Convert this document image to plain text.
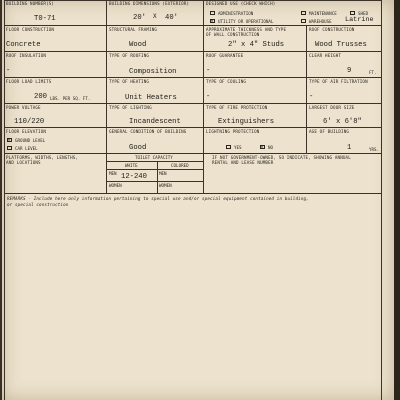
BUILDING NUMBER(S)
T0-71
BUILDING DIMENSIONS (EXTERIOR)
20' X 40'
DESIGNED USE (CHECK WHICH)
ADMINISTRATION	MAINTENANCE	SHED
✕
UTILITY OR OPERATIONAL	WAREHOUSE Latrine
FLOOR CONSTRUCTION
Concrete
STRUCTURAL FRAMING
Wood
APPROXIMATE THICKNESS AND TYPE
OF WALL CONSTRUCTION
2" x 4" Studs
ROOF CONSTRUCTION
Wood Trusses
ROOF INSULATION
-
TYPE OF ROOFING
Composition
ROOF GUARANTEE
-
CLEAR HEIGHT
9	FT.
FLOOR LOAD LIMITS
200 LBS. PER SQ. FT.
TYPE OF HEATING
Unit Heaters
TYPE OF COOLING
-
TYPE OF AIR FILTRATION
-
POWER VOLTAGE
110/220
TYPE OF LIGHTING
Incandescent
TYPE OF FIRE PROTECTION
Extinguishers
LARGEST DOOR SIZE
6' x 6'8"
FLOOR ELEVATION
✕
GROUND LEVEL
CAR LEVEL
GENERAL CONDITION OF BUILDING
Good
LIGHTNING PROTECTION
YES
✕	NO
AGE OF BUILDING
1	YRS.
PLATFORMS, WIDTHS, LENGTHS,
AND LOCATIONS
TOILET CAPACITY
WHITE	COLORED
MEN 12-240	MEN
WOMEN	WOMEN
IF NOT GOVERNMENT-OWNED, SO INDICATE, SHOWING ANNUAL
RENTAL AND LEASE NUMBER
REMARKS - Include here only information pertaining to special use and/or special equipment contained in building,
or special construction
